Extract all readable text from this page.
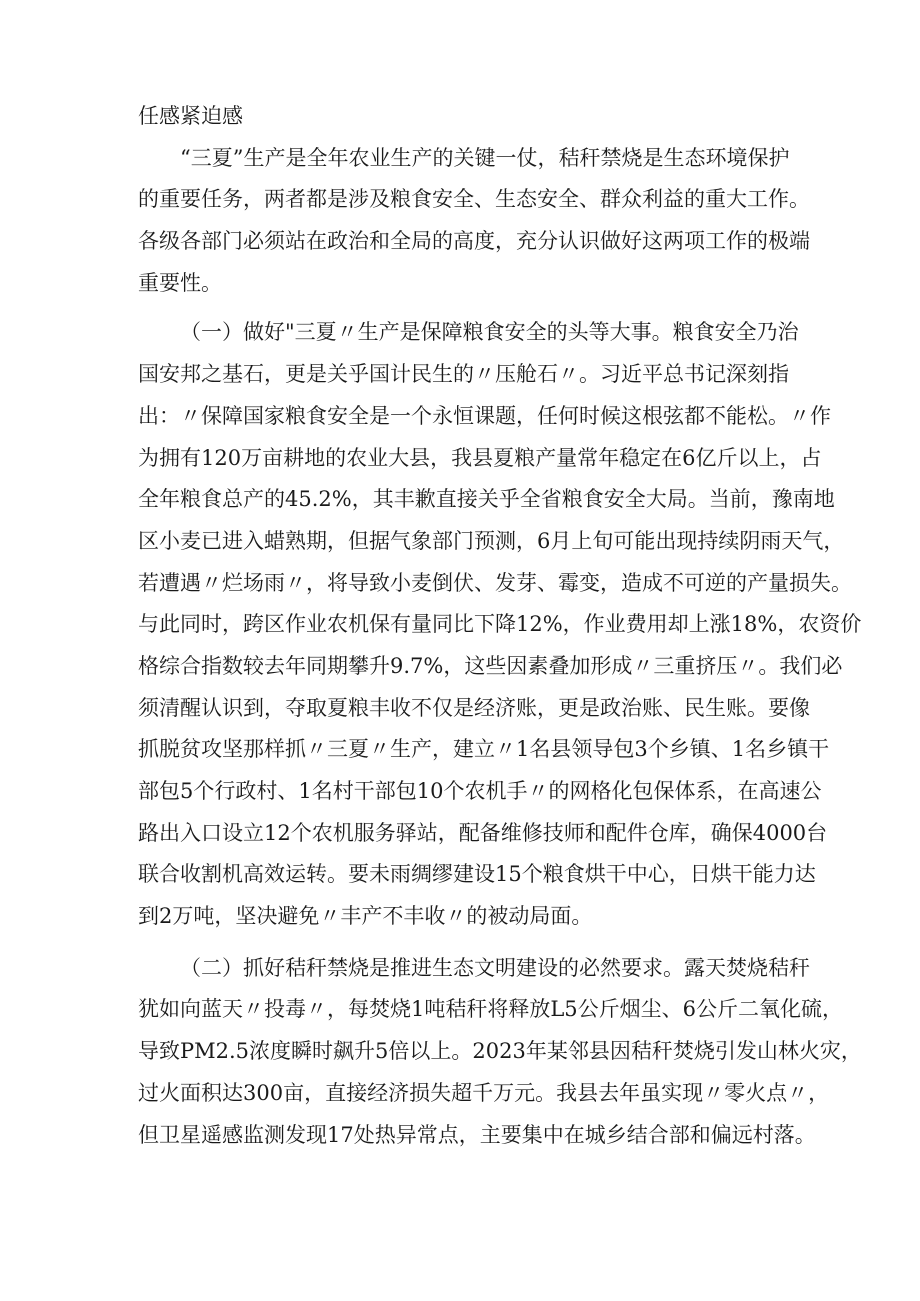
任感紧迫感
“三夏”生产是全年农业生产的关键一仗，秸秆禁烧是生态环境保护
的重要任务，两者都是涉及粮食安全、生态安全、群众利益的重大工作。
各级各部门必须站在政治和全局的高度，充分认识做好这两项工作的极端
重要性。
（一）做好"三夏〃生产是保障粮食安全的头等大事。粮食安全乃治
国安邦之基石，更是关乎国计民生的〃压舱石〃。习近平总书记深刻指
出：〃保障国家粮食安全是一个永恒课题，任何时候这根弦都不能松。〃作
为拥有120万亩耕地的农业大县，我县夏粮产量常年稳定在6亿斤以上，占
全年粮食总产的45.2%，其丰歉直接关乎全省粮食安全大局。当前，豫南地
区小麦已进入蜡熟期，但据气象部门预测，6月上旬可能出现持续阴雨天气，
若遭遇〃烂场雨〃，将导致小麦倒伏、发芽、霉变，造成不可逆的产量损失。
与此同时，跨区作业农机保有量同比下降12%，作业费用却上涨18%，农资价
格综合指数较去年同期攀升9.7%，这些因素叠加形成〃三重挤压〃。我们必
须清醒认识到，夺取夏粮丰收不仅是经济账，更是政治账、民生账。要像
抓脱贫攻坚那样抓〃三夏〃生产，建立〃1名县领导包3个乡镇、1名乡镇干
部包5个行政村、1名村干部包10个农机手〃的网格化包保体系，在高速公
路出入口设立12个农机服务驿站，配备维修技师和配件仓库，确保4000台
联合收割机高效运转。要未雨绸缪建设15个粮食烘干中心，日烘干能力达
到2万吨，坚决避免〃丰产不丰收〃的被动局面。
（二）抓好秸秆禁烧是推进生态文明建设的必然要求。露天焚烧秸秆
犹如向蓝天〃投毒〃，每焚烧1吨秸秆将释放L5公斤烟尘、6公斤二氧化硫，
导致PM2.5浓度瞬时飙升5倍以上。2023年某邻县因秸秆焚烧引发山林火灾，
过火面积达300亩，直接经济损失超千万元。我县去年虽实现〃零火点〃，
但卫星遥感监测发现17处热异常点，主要集中在城乡结合部和偏远村落。
